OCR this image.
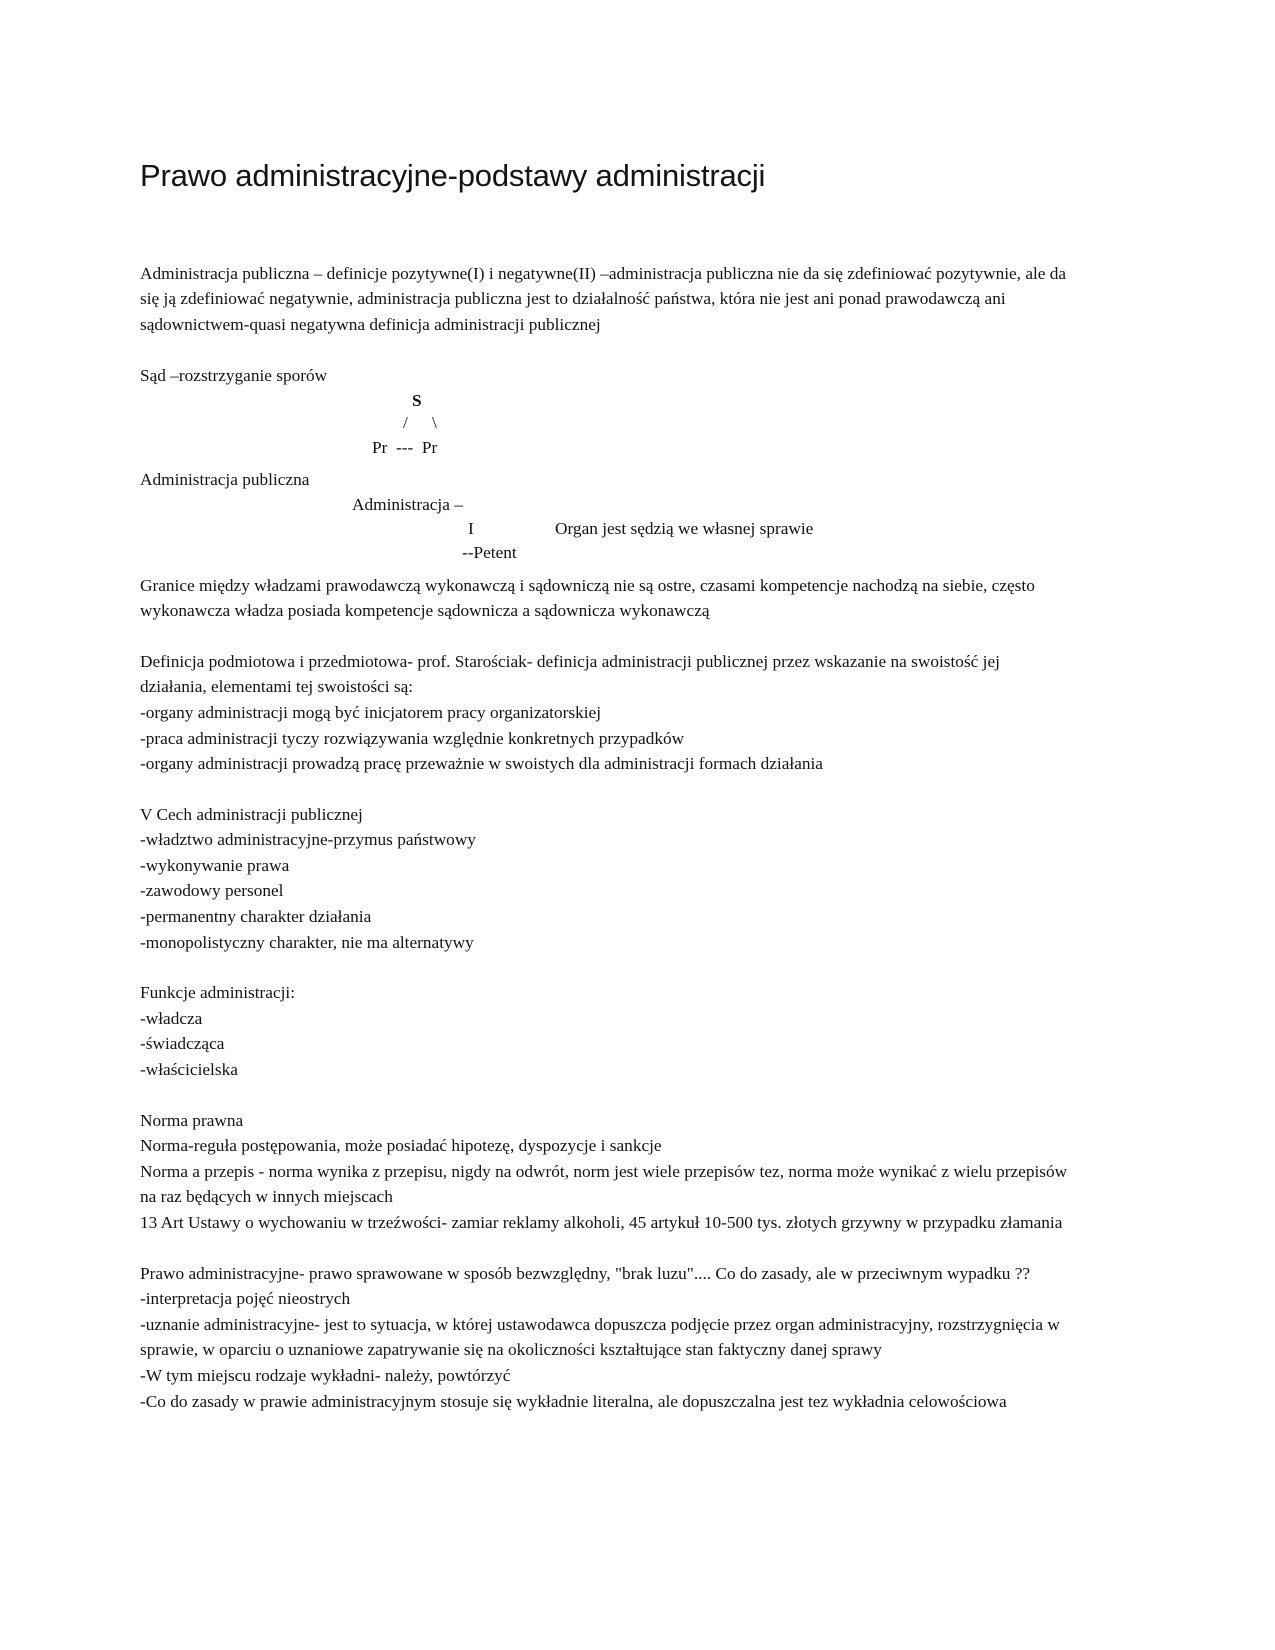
Prawo administracyjne-podstawy administracji

Administracja publiczna – definicje pozytywne(I) i negatywne(II) –administracja publiczna nie da się zdefiniować pozytywnie, ale da się ją zdefiniować negatywnie, administracja publiczna jest to działalność państwa, która nie jest ani ponad prawodawczą ani sądownictwem-quasi negatywna definicja administracji publicznej

Sąd –rozstrzyganie sporów

S
/ \
Pr  ---  Pr

Administracja publiczna

Administracja –
I	Organ jest sędzią we własnej sprawie
--Petent

Granice między władzami prawodawczą wykonawczą i sądowniczą nie są ostre, czasami kompetencje nachodzą na siebie, często wykonawcza władza posiada kompetencje sądownicza a sądownicza wykonawczą

Definicja podmiotowa i przedmiotowa- prof. Starościak- definicja administracji publicznej przez wskazanie na swoistość jej działania, elementami tej swoistości są:

-organy administracji mogą być inicjatorem pracy organizatorskiej

-praca administracji tyczy rozwiązywania względnie konkretnych przypadków

-organy administracji prowadzą pracę przeważnie w swoistych dla administracji formach działania

V Cech administracji publicznej

-władztwo administracyjne-przymus państwowy

-wykonywanie prawa

-zawodowy personel

-permanentny charakter działania

-monopolistyczny charakter, nie ma alternatywy

Funkcje administracji:

-władcza

-świadcząca

-właścicielska

Norma prawna

Norma-reguła postępowania, może posiadać hipotezę, dyspozycje i sankcje

Norma a przepis - norma wynika z przepisu, nigdy na odwrót, norm jest wiele przepisów tez, norma może wynikać z wielu przepisów na raz będących w innych miejscach

13 Art Ustawy o wychowaniu w trzeźwości- zamiar reklamy alkoholi, 45 artykuł 10-500 tys. złotych grzywny w przypadku złamania

Prawo administracyjne- prawo sprawowane w sposób bezwzględny, "brak luzu".... Co do zasady, ale w przeciwnym wypadku ??

-interpretacja pojęć nieostrych

-uznanie administracyjne- jest to sytuacja, w której ustawodawca dopuszcza podjęcie przez organ administracyjny, rozstrzygnięcia w sprawie, w oparciu o uznaniowe zapatrywanie się na okoliczności kształtujące stan faktyczny danej sprawy

-W tym miejscu rodzaje wykładni- należy, powtórzyć

-Co do zasady w prawie administracyjnym stosuje się wykładnie literalna, ale dopuszczalna jest tez wykładnia celowościowa
